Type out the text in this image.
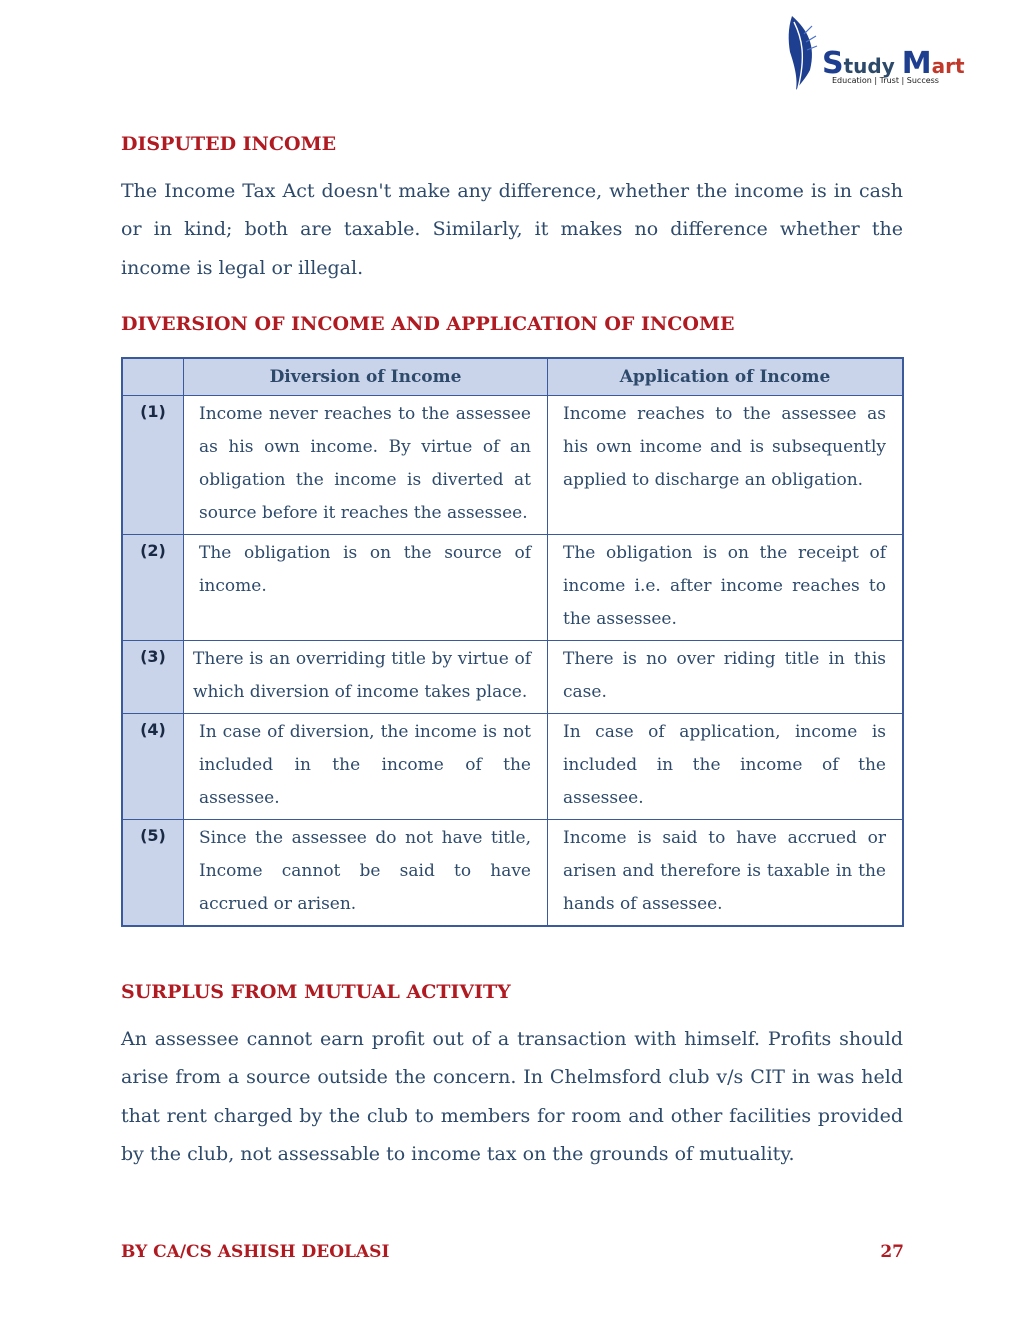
Study Mart
Education | Trust | Success
DISPUTED INCOME
The Income Tax Act doesn't make any difference, whether the income is in cash or in kind; both are taxable. Similarly, it makes no difference whether the income is legal or illegal.
DIVERSION OF INCOME AND APPLICATION OF INCOME
	Diversion of Income	Application of Income
(1)	Income never reaches to the assessee as his own income. By virtue of an obligation the income is diverted at source before it reaches the assessee.	Income reaches to the assessee as his own income and is subsequently applied to discharge an obligation.
(2)	The obligation is on the source of income.	The obligation is on the receipt of income i.e. after income reaches to the assessee.
(3)	There is an overriding title by virtue of which diversion of income takes place.	There is no over riding title in this case.
(4)	In case of diversion, the income is not included in the income of the assessee.	In case of application, income is included in the income of the assessee.
(5)	Since the assessee do not have title, Income cannot be said to have accrued or arisen.	Income is said to have accrued or arisen and therefore is taxable in the hands of assessee.
SURPLUS FROM MUTUAL ACTIVITY
An assessee cannot earn profit out of a transaction with himself. Profits should arise from a source outside the concern. In Chelmsford club v/s CIT in was held that rent charged by the club to members for room and other facilities provided by the club, not assessable to income tax on the grounds of mutuality.
BY CA/CS ASHISH DEOLASI	27
